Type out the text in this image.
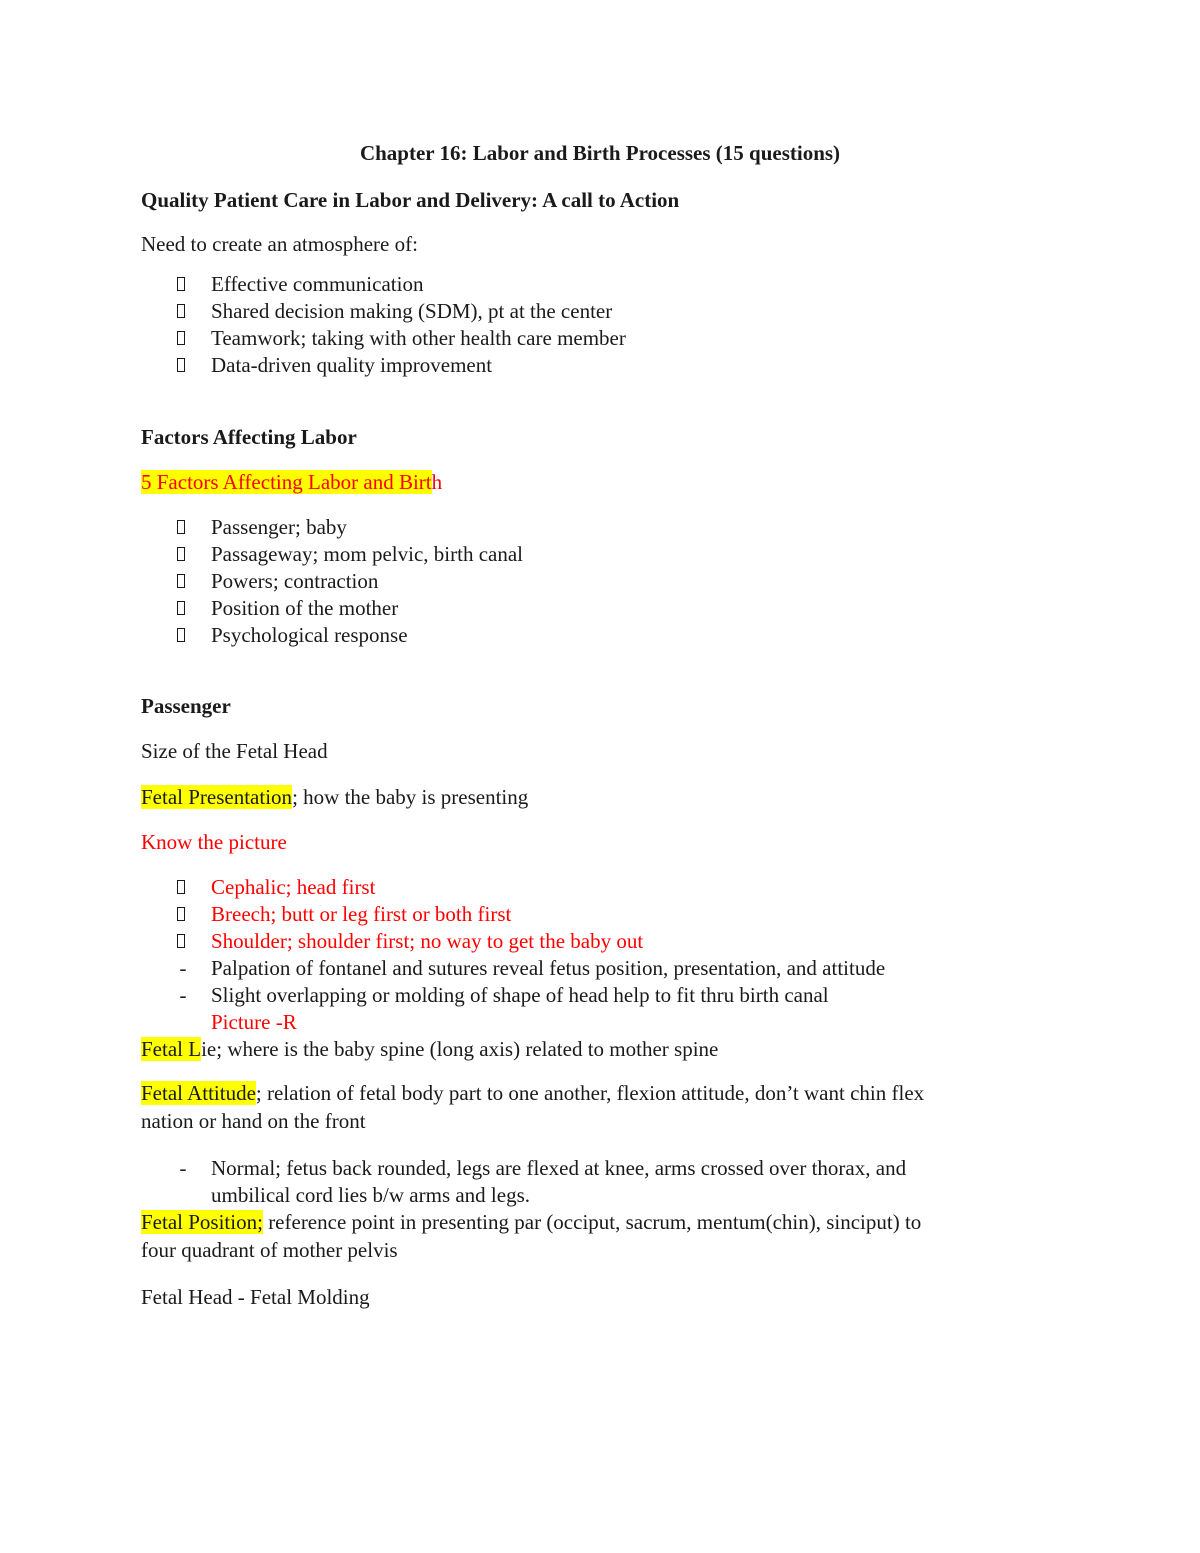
Chapter 16: Labor and Birth Processes (15 questions)
Quality Patient Care in Labor and Delivery: A call to Action
Need to create an atmosphere of:
Effective communication
Shared decision making (SDM), pt at the center
Teamwork; taking with other health care member
Data-driven quality improvement
Factors Affecting Labor
5 Factors Affecting Labor and Birth
Passenger; baby
Passageway; mom pelvic, birth canal
Powers; contraction
Position of the mother
Psychological response
Passenger
Size of the Fetal Head
Fetal Presentation; how the baby is presenting
Know the picture
Cephalic; head first
Breech; butt or leg first or both first
Shoulder; shoulder first; no way to get the baby out
- Palpation of fontanel and sutures reveal fetus position, presentation, and attitude
- Slight overlapping or molding of shape of head help to fit thru birth canal
Picture -R
Fetal Lie; where is the baby spine (long axis) related to mother spine
Fetal Attitude; relation of fetal body part to one another, flexion attitude, don’t want chin flex
nation or hand on the front
- Normal; fetus back rounded, legs are flexed at knee, arms crossed over thorax, and
umbilical cord lies b/w arms and legs.
Fetal Position; reference point in presenting par (occiput, sacrum, mentum(chin), sinciput) to
four quadrant of mother pelvis
Fetal Head - Fetal Molding
